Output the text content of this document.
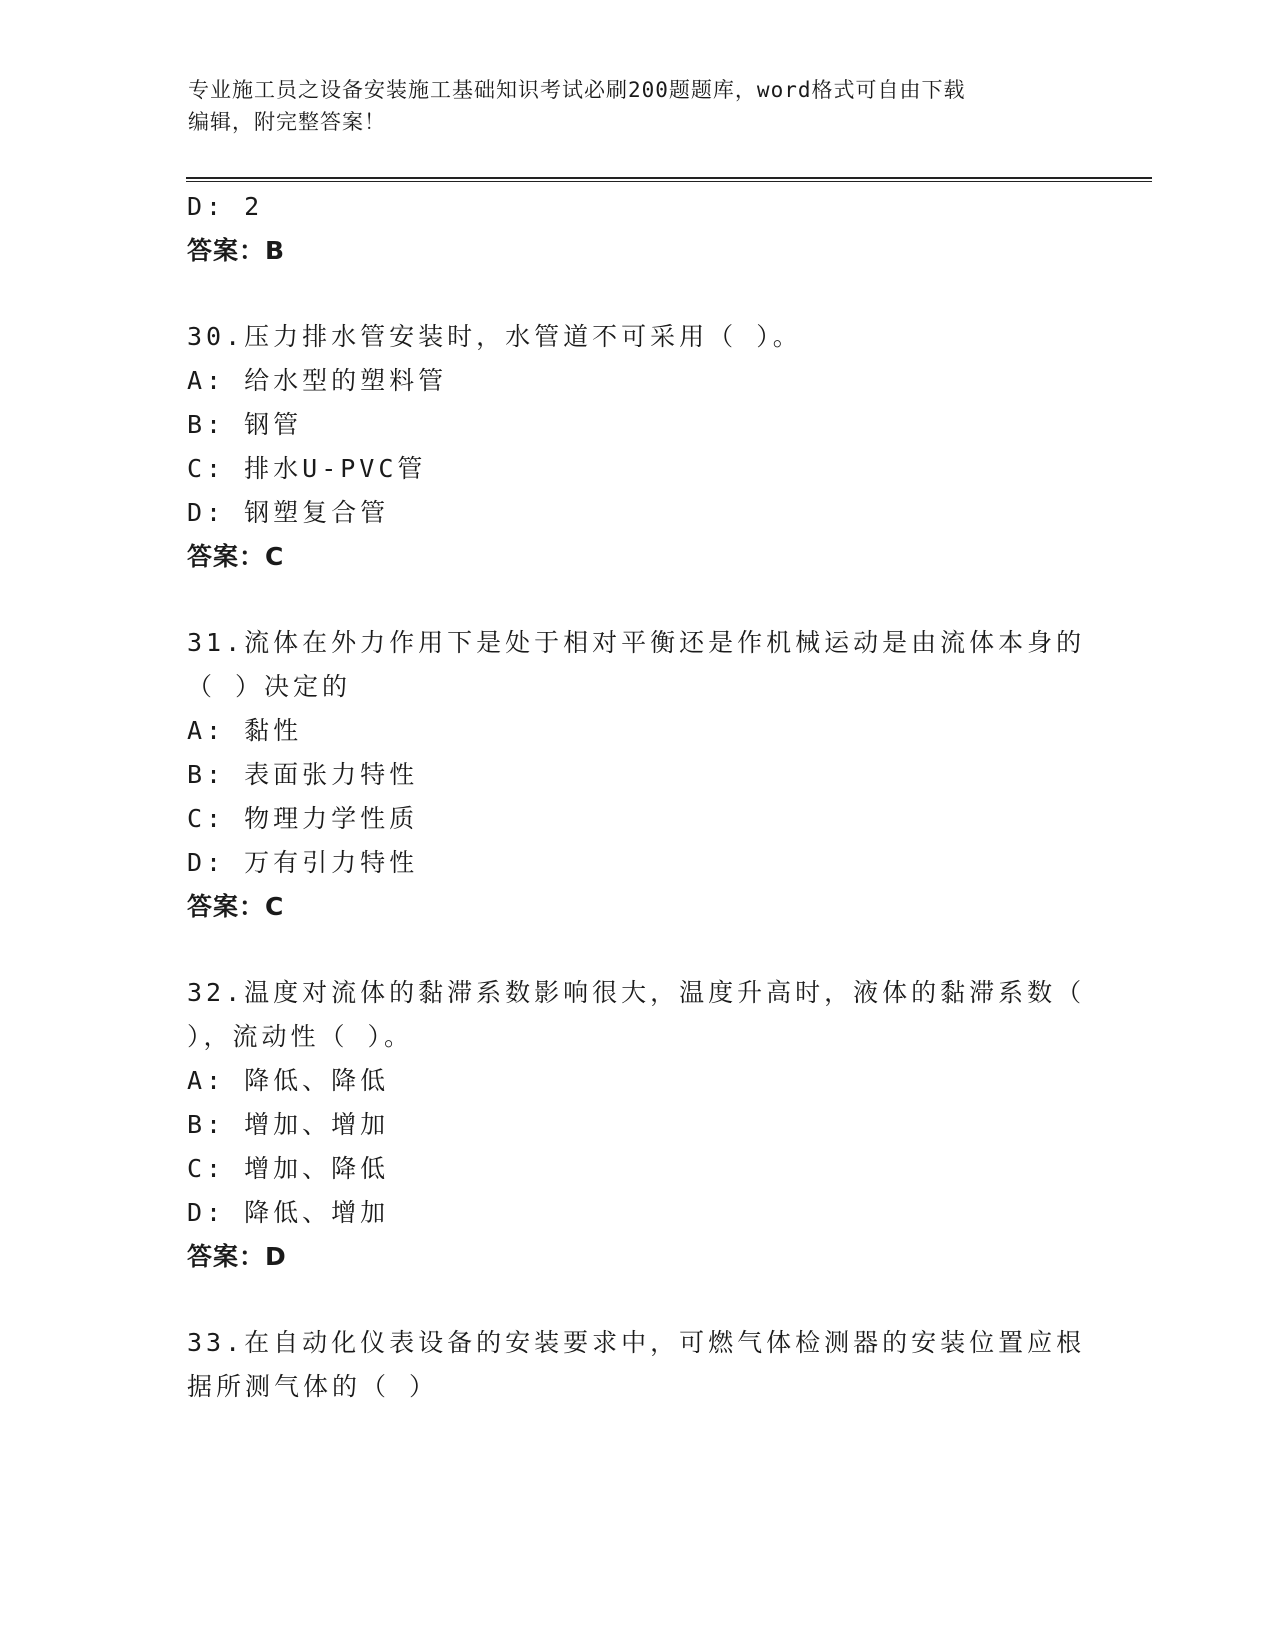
专业施工员之设备安装施工基础知识考试必刷200题题库，word格式可自由下载
编辑，附完整答案！
D: 2
答案：B
30.压力排水管安装时，水管道不可采用（ ）。
A: 给水型的塑料管
B: 钢管
C: 排水U-PVC管
D: 钢塑复合管
答案：C
31.流体在外力作用下是处于相对平衡还是作机械运动是由流体本身的
（ ）决定的
A: 黏性
B: 表面张力特性
C: 物理力学性质
D: 万有引力特性
答案：C
32.温度对流体的黏滞系数影响很大，温度升高时，液体的黏滞系数（
），流动性（ ）。
A: 降低、降低
B: 增加、增加
C: 增加、降低
D: 降低、增加
答案：D
33.在自动化仪表设备的安装要求中，可燃气体检测器的安装位置应根
据所测气体的（ ）
